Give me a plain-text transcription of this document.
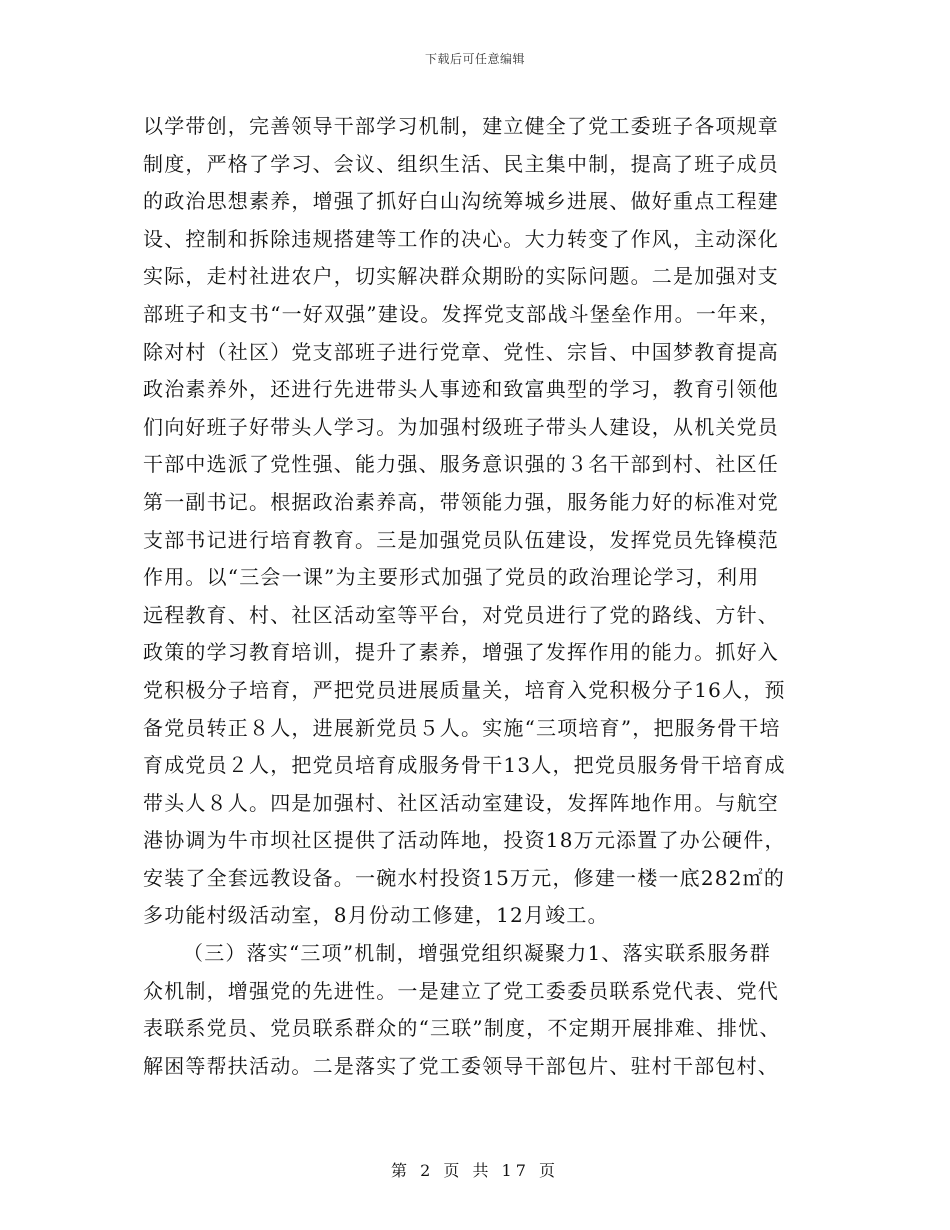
下载后可任意编辑
以学带创，完善领导干部学习机制，建立健全了党工委班子各项规章
制度，严格了学习、会议、组织生活、民主集中制，提高了班子成员
的政治思想素养，增强了抓好白山沟统筹城乡进展、做好重点工程建
设、控制和拆除违规搭建等工作的决心。大力转变了作风，主动深化
实际，走村社进农户，切实解决群众期盼的实际问题。二是加强对支
部班子和支书“一好双强”建设。发挥党支部战斗堡垒作用。一年来，
除对村（社区）党支部班子进行党章、党性、宗旨、中国梦教育提高
政治素养外，还进行先进带头人事迹和致富典型的学习，教育引领他
们向好班子好带头人学习。为加强村级班子带头人建设，从机关党员
干部中选派了党性强、能力强、服务意识强的３名干部到村、社区任
第一副书记。根据政治素养高，带领能力强，服务能力好的标准对党
支部书记进行培育教育。三是加强党员队伍建设，发挥党员先锋模范
作用。以“三会一课”为主要形式加强了党员的政治理论学习，利用
远程教育、村、社区活动室等平台，对党员进行了党的路线、方针、
政策的学习教育培训，提升了素养，增强了发挥作用的能力。抓好入
党积极分子培育，严把党员进展质量关，培育入党积极分子16人，预
备党员转正８人，进展新党员５人。实施“三项培育”，把服务骨干培
育成党员２人，把党员培育成服务骨干13人，把党员服务骨干培育成
带头人８人。四是加强村、社区活动室建设，发挥阵地作用。与航空
港协调为牛市坝社区提供了活动阵地，投资18万元添置了办公硬件，
安装了全套远教设备。一碗水村投资15万元，修建一楼一底282㎡的
多功能村级活动室，8月份动工修建，12月竣工。
（三）落实“三项”机制，增强党组织凝聚力1、落实联系服务群
众机制，增强党的先进性。一是建立了党工委委员联系党代表、党代
表联系党员、党员联系群众的“三联”制度，不定期开展排难、排忧、
解困等帮扶活动。二是落实了党工委领导干部包片、驻村干部包村、
第 2 页 共 17 页
